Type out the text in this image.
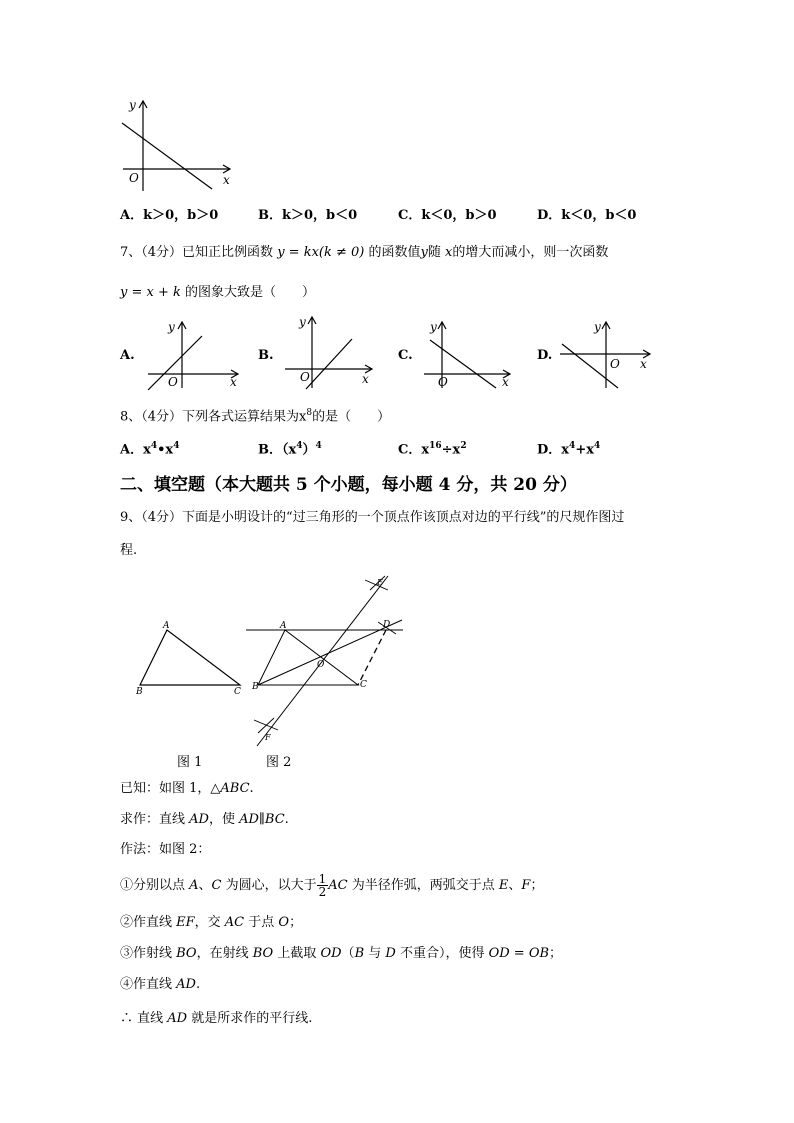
y
x
O
A．k＞0，b＞0	B．k＞0，b＜0	C．k＜0，b＞0	D．k＜0，b＜0
7、（4分）已知正比例函数 y = kx(k ≠ 0) 的函数值y随 x的增大而减小，则一次函数
y = x + k 的图象大致是（　　）
A.	B.	C.	D.
y
x
O
y
x
O
y
x
O
y
x
O
8、（4分）下列各式运算结果为$x^8$的是（　　）
A．$x^4•x^4$	B．$(x^4)^4$	C．$x^{16}\div x^2$	D．$x^4+x^4$
二、填空题（本大题共 5 个小题，每小题 4 分，共 20 分）
9、（4分）下面是小明设计的“过三角形的一个顶点作该顶点对边的平行线”的尺规作图过
程.
A
B	C
A
B	C
D
E
F
O
图 1	图 2
已知：如图 1，△ABC.
求作：直线 AD，使 AD∥BC.
作法：如图 2：
①分别以点 A、C 为圆心，以大于 $\frac{1}{2}$ AC 为半径作弧，两弧交于点 E、F；
②作直线 EF，交 AC 于点 O；
③作射线 BO，在射线 BO 上截取 OD（B 与 D 不重合），使得 OD = OB；
④作直线 AD.
∴ 直线 AD 就是所求作的平行线.
